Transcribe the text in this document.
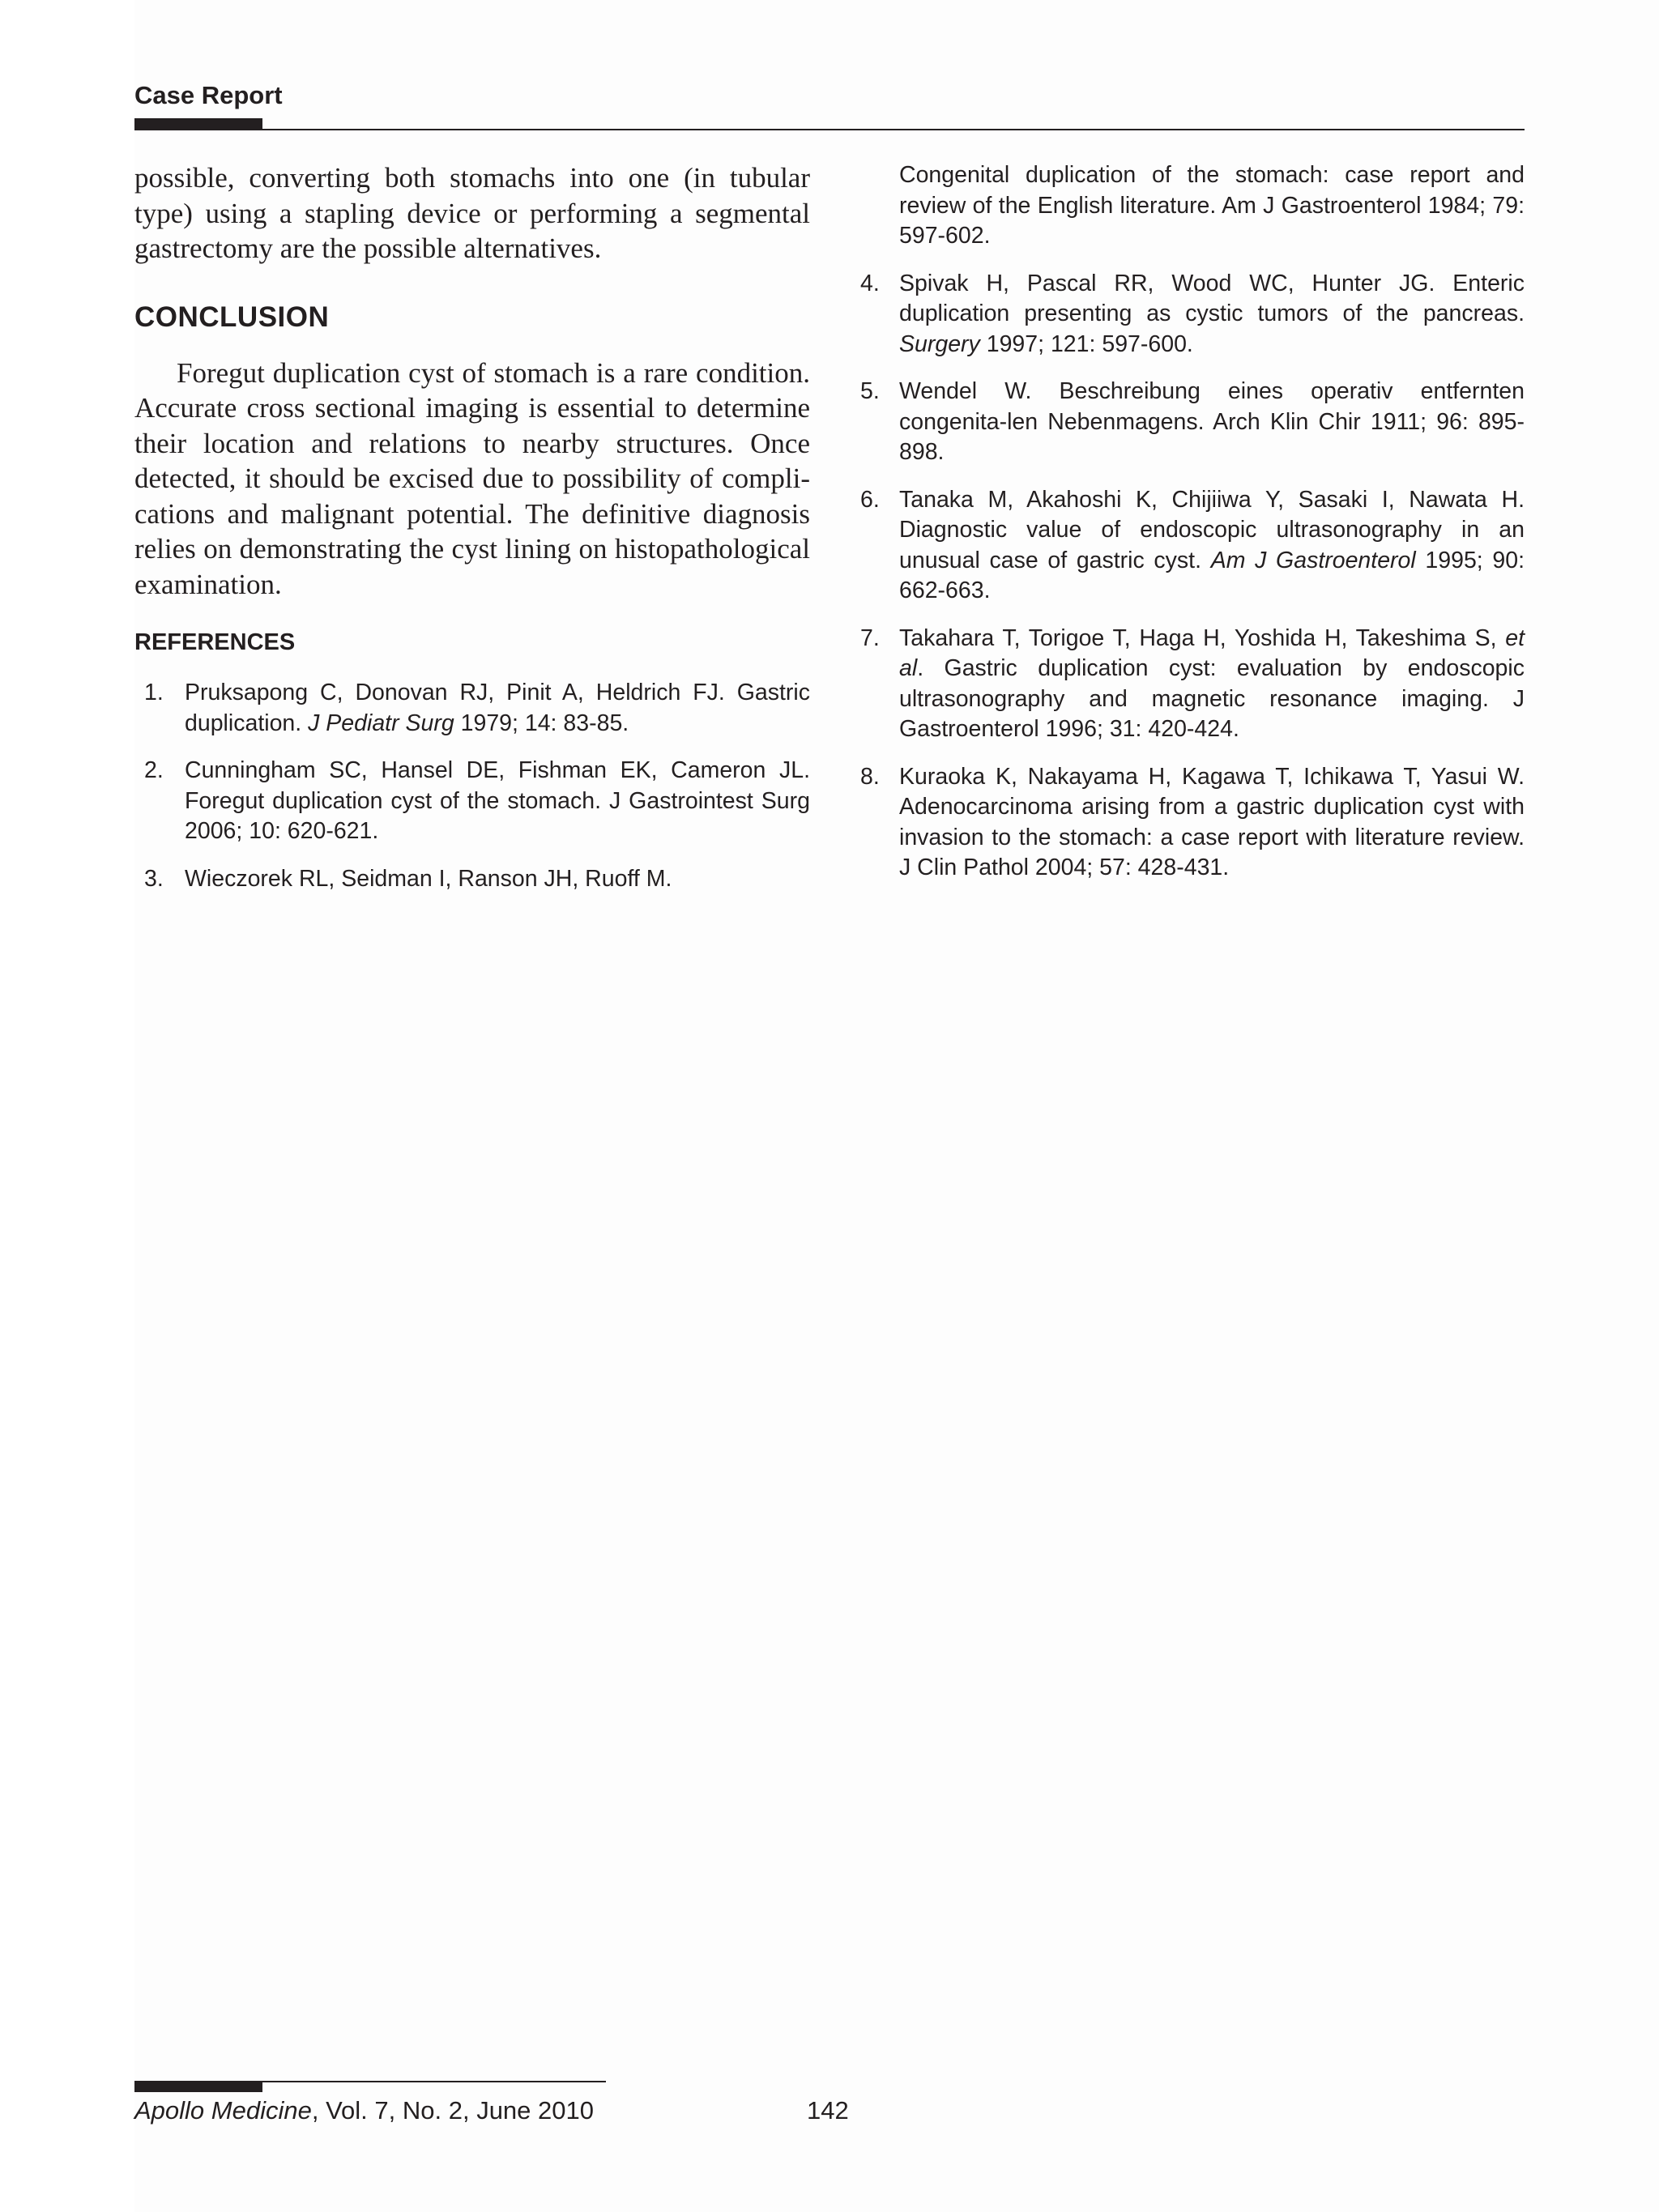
Case Report

possible, converting both stomachs into one (in tubular type) using a stapling device or performing a segmental gastrectomy are the possible alternatives.

CONCLUSION

Foregut duplication cyst of stomach is a rare condition. Accurate cross sectional imaging is essential to determine their location and relations to nearby structures. Once detected, it should be excised due to possibility of compli-cations and malignant potential. The definitive diagnosis relies on demonstrating the cyst lining on histopathological examination.

REFERENCES
1. Pruksapong C, Donovan RJ, Pinit A, Heldrich FJ. Gastric duplication. J Pediatr Surg 1979; 14: 83-85.
2. Cunningham SC, Hansel DE, Fishman EK, Cameron JL. Foregut duplication cyst of the stomach. J Gastrointest Surg 2006; 10: 620-621.
3. Wieczorek RL, Seidman I, Ranson JH, Ruoff M.
Congenital duplication of the stomach: case report and review of the English literature. Am J Gastroenterol 1984; 79: 597-602.
4. Spivak H, Pascal RR, Wood WC, Hunter JG. Enteric duplication presenting as cystic tumors of the pancreas. Surgery 1997; 121: 597-600.
5. Wendel W. Beschreibung eines operativ entfernten congenita-len Nebenmagens. Arch Klin Chir 1911; 96: 895-898.
6. Tanaka M, Akahoshi K, Chijiiwa Y, Sasaki I, Nawata H. Diagnostic value of endoscopic ultrasonography in an unusual case of gastric cyst. Am J Gastroenterol 1995; 90: 662-663.
7. Takahara T, Torigoe T, Haga H, Yoshida H, Takeshima S, et al. Gastric duplication cyst: evaluation by endoscopic ultrasonography and magnetic resonance imaging. J Gastroenterol 1996; 31: 420-424.
8. Kuraoka K, Nakayama H, Kagawa T, Ichikawa T, Yasui W. Adenocarcinoma arising from a gastric duplication cyst with invasion to the stomach: a case report with literature review. J Clin Pathol 2004; 57: 428-431.

Apollo Medicine, Vol. 7, No. 2, June 2010	142
